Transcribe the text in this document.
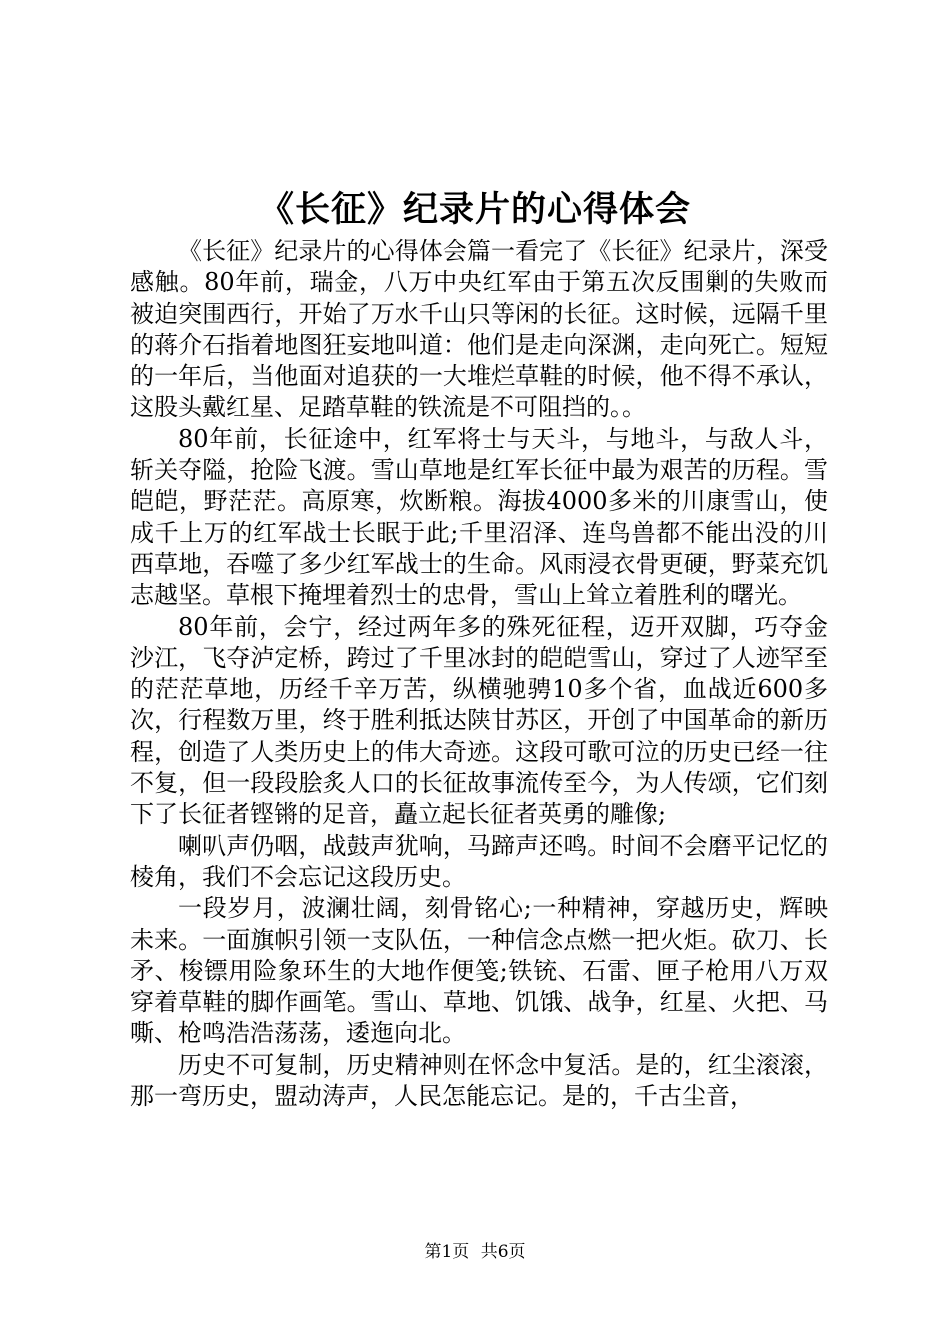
《长征》纪录片的心得体会

《长征》纪录片的心得体会篇一看完了《长征》纪录片，深受感触。80年前，瑞金，八万中央红军由于第五次反围剿的失败而被迫突围西行，开始了万水千山只等闲的长征。这时候，远隔千里的蒋介石指着地图狂妄地叫道：他们是走向深渊，走向死亡。短短的一年后，当他面对追获的一大堆烂草鞋的时候，他不得不承认，这股头戴红星、足踏草鞋的铁流是不可阻挡的。。

80年前，长征途中，红军将士与天斗，与地斗，与敌人斗，斩关夺隘，抢险飞渡。雪山草地是红军长征中最为艰苦的历程。雪皑皑，野茫茫。高原寒，炊断粮。海拔4000多米的川康雪山，使成千上万的红军战士长眠于此;千里沼泽、连鸟兽都不能出没的川西草地，吞噬了多少红军战士的生命。风雨浸衣骨更硬，野菜充饥志越坚。草根下掩埋着烈士的忠骨，雪山上耸立着胜利的曙光。

80年前，会宁，经过两年多的殊死征程，迈开双脚，巧夺金沙江，飞夺泸定桥，跨过了千里冰封的皑皑雪山，穿过了人迹罕至的茫茫草地，历经千辛万苦，纵横驰骋10多个省，血战近600多次，行程数万里，终于胜利抵达陕甘苏区，开创了中国革命的新历程，创造了人类历史上的伟大奇迹。这段可歌可泣的历史已经一往不复，但一段段脍炙人口的长征故事流传至今，为人传颂，它们刻下了长征者铿锵的足音，矗立起长征者英勇的雕像;

喇叭声仍咽，战鼓声犹响，马蹄声还鸣。时间不会磨平记忆的棱角，我们不会忘记这段历史。

一段岁月，波澜壮阔，刻骨铭心;一种精神，穿越历史，辉映未来。一面旗帜引领一支队伍，一种信念点燃一把火炬。砍刀、长矛、梭镖用险象环生的大地作便笺;铁铳、石雷、匣子枪用八万双穿着草鞋的脚作画笔。雪山、草地、饥饿、战争，红星、火把、马嘶、枪鸣浩浩荡荡，逶迤向北。

历史不可复制，历史精神则在怀念中复活。是的，红尘滚滚，那一弯历史，盟动涛声，人民怎能忘记。是的，千古尘音，

第1页 共6页
